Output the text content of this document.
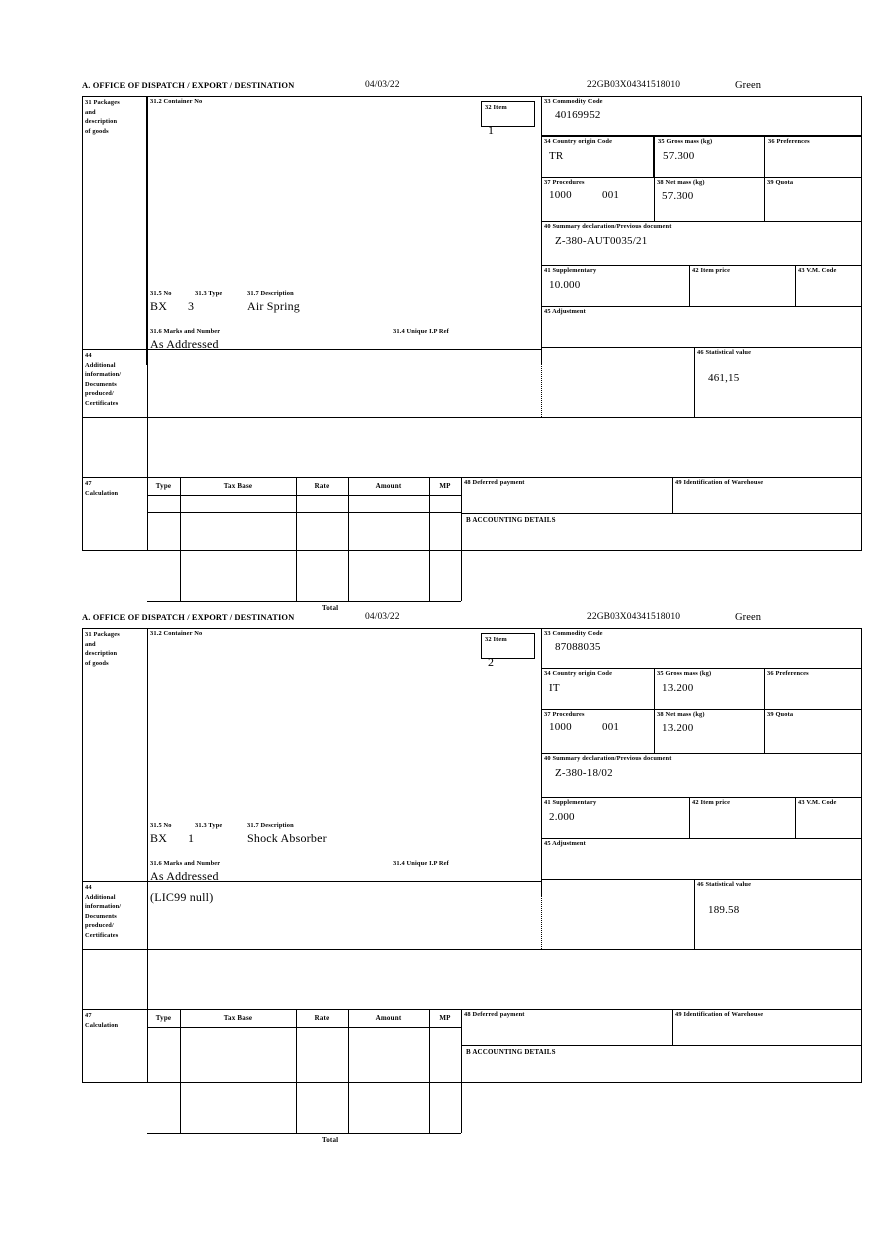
A. OFFICE OF DISPATCH / EXPORT / DESTINATION	04/03/22	22GB03X04341518010	Green
31 Packages
and
description
of goods
31.2 Container No
31.5 No	31.3 Type	31.7 Description
BX 3	Air Spring
31.6 Marks and Number	31.4 Unique I.P Ref
As Addressed
32 Item
1
33 Commodity Code
40169952
34 Country origin Code
TR
35 Gross mass (kg)
57.300
36 Preferences
37 Procedures
1000	001
38 Net mass (kg)
57.300
39 Quota
40 Summary declaration/Previous document
Z-380-AUT0035/21
41 Supplementary
10.000
42 Item price	43 V.M. Code
45 Adjustment
46 Statistical value
461,15
44
Additional
information/
Documents
produced/
Certificates
47
Calculation
Type	Tax Base	Rate	Amount	MP
Total
48 Deferred payment	49 Identification of Warehouse
B ACCOUNTING DETAILS
A. OFFICE OF DISPATCH / EXPORT / DESTINATION	04/03/22	22GB03X04341518010	Green
31 Packages
and
description
of goods
31.2 Container No
31.5 No	31.3 Type	31.7 Description
BX 1	Shock Absorber
31.6 Marks and Number	31.4 Unique I.P Ref
As Addressed
32 Item
2
33 Commodity Code
87088035
34 Country origin Code
IT
35 Gross mass (kg)
13.200
36 Preferences
37 Procedures
1000	001
38 Net mass (kg)
13.200
39 Quota
40 Summary declaration/Previous document
Z-380-18/02
41 Supplementary
2.000
42 Item price	43 V.M. Code
45 Adjustment
46 Statistical value
189.58
44
Additional
information/
Documents
produced/
Certificates
(LIC99 null)
47
Calculation
Type	Tax Base	Rate	Amount	MP
Total
48 Deferred payment	49 Identification of Warehouse
B ACCOUNTING DETAILS
